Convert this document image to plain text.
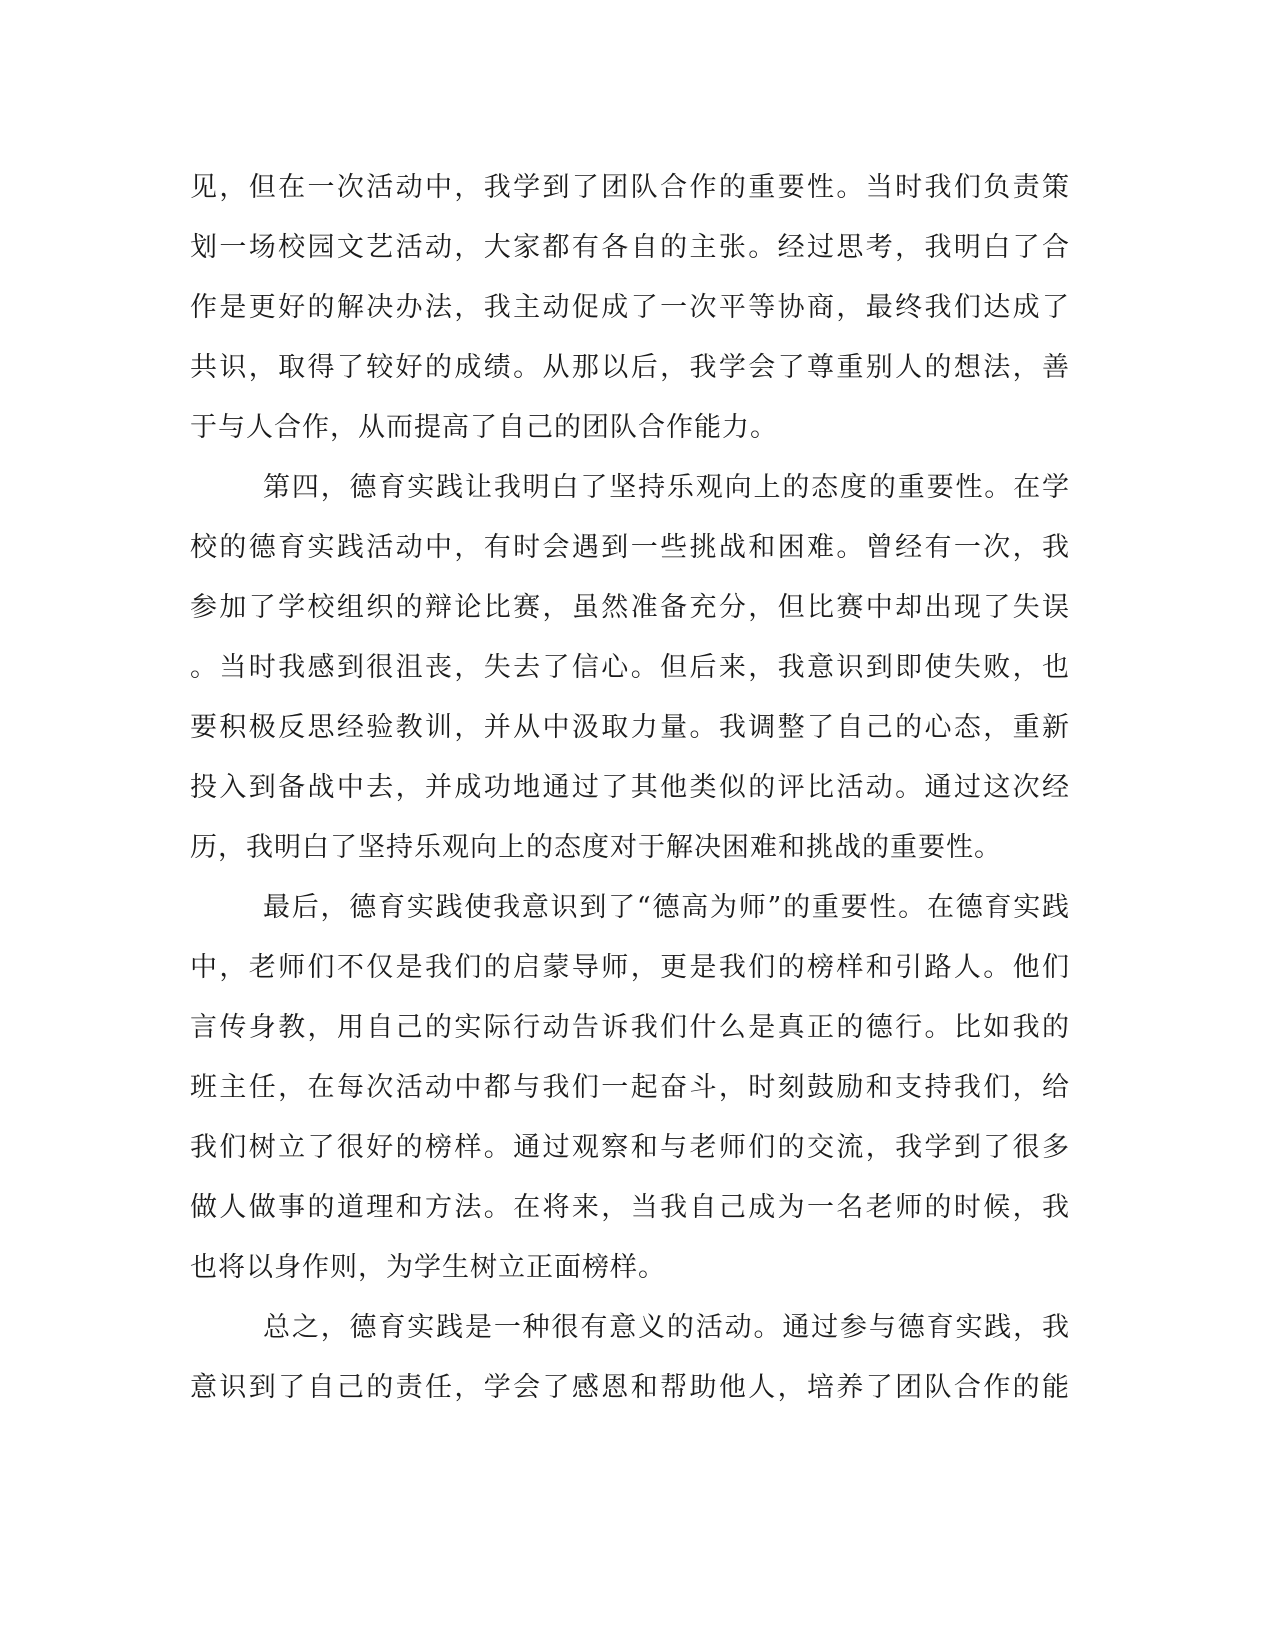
见，但在一次活动中，我学到了团队合作的重要性。当时我们负责策
划一场校园文艺活动，大家都有各自的主张。经过思考，我明白了合
作是更好的解决办法，我主动促成了一次平等协商，最终我们达成了
共识，取得了较好的成绩。从那以后，我学会了尊重别人的想法，善
于与人合作，从而提高了自己的团队合作能力。
第四，德育实践让我明白了坚持乐观向上的态度的重要性。在学
校的德育实践活动中，有时会遇到一些挑战和困难。曾经有一次，我
参加了学校组织的辩论比赛，虽然准备充分，但比赛中却出现了失误
。当时我感到很沮丧，失去了信心。但后来，我意识到即使失败，也
要积极反思经验教训，并从中汲取力量。我调整了自己的心态，重新
投入到备战中去，并成功地通过了其他类似的评比活动。通过这次经
历，我明白了坚持乐观向上的态度对于解决困难和挑战的重要性。
最后，德育实践使我意识到了“德高为师”的重要性。在德育实践
中，老师们不仅是我们的启蒙导师，更是我们的榜样和引路人。他们
言传身教，用自己的实际行动告诉我们什么是真正的德行。比如我的
班主任，在每次活动中都与我们一起奋斗，时刻鼓励和支持我们，给
我们树立了很好的榜样。通过观察和与老师们的交流，我学到了很多
做人做事的道理和方法。在将来，当我自己成为一名老师的时候，我
也将以身作则，为学生树立正面榜样。
总之，德育实践是一种很有意义的活动。通过参与德育实践，我
意识到了自己的责任，学会了感恩和帮助他人，培养了团队合作的能
